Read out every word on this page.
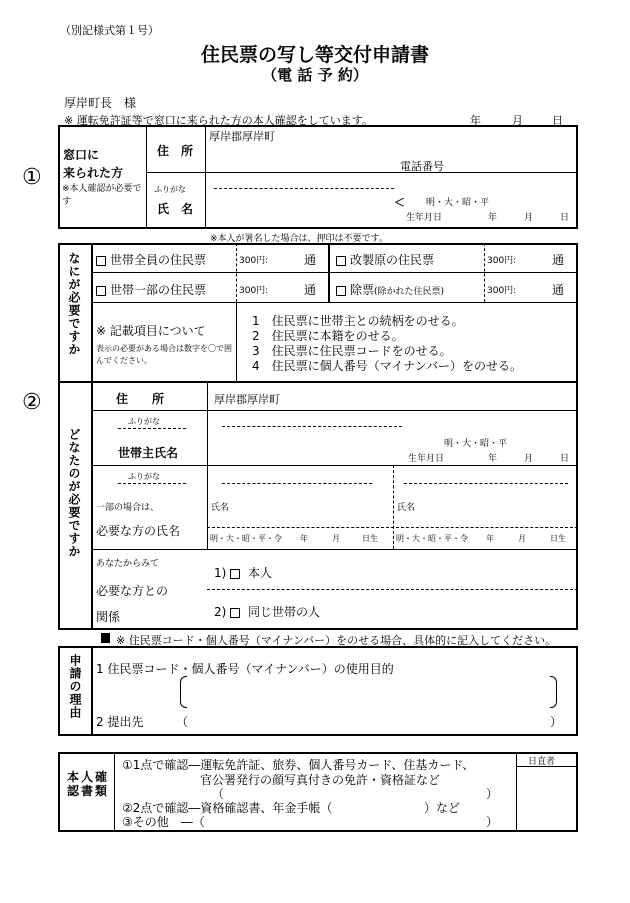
（別記様式第１号）
住民票の写し等交付申請書
（電 話 予 約）
厚岸町長　様
※ 運転免許証等で窓口に来られた方の本人確認をしています。	年	月	日
①
窓口に
来られた方
※本人確認が必要です
住　所
厚岸郡厚岸町
電話番号
ふりがな
氏　名	＜ 明・大・昭・平
生年月日	年	月	日
※本人が署名した場合は、押印は不要です。
②
なにが必要ですか
どなたのが必要ですか
世帯全員の住民票	300円:	通	改製原の住民票	300円:	通
世帯一部の住民票	300円:	通	除票(除かれた住民票)	300円:	通
※ 記載項目について
表示の必要がある場合は数字を〇で囲んでください。
1　住民票に世帯主との続柄をのせる。
2　住民票に本籍をのせる。
3　住民票に住民票コードをのせる。
4　住民票に個人番号（マイナンバー）をのせる。
住　　所	厚岸郡厚岸町
ふりがな
世帯主氏名
明・大・昭・平
生年月日	年	月	日
ふりがな
一部の場合は、
必要な方の氏名
氏名	氏名
明・大・昭・平・令 年	月	日生 明・大・昭・平・令 年	月	日生
あなたからみて
必要な方との
関係
1) 本人
2) 同じ世帯の人
※ 住民票コード・個人番号（マイナンバー）をのせる場合、具体的に記入してください。
申請の理由 1 住民票コード・個人番号（マイナンバー）の使用目的
2 提出先	（	）
本人確認書類
日直者
①1点で確認―運転免許証、旅券、個人番号カード、住基カード、
官公署発行の顔写真付きの免許・資格証など
（	）
②2点で確認―資格確認書、年金手帳（	）など
③その他　―（	）
